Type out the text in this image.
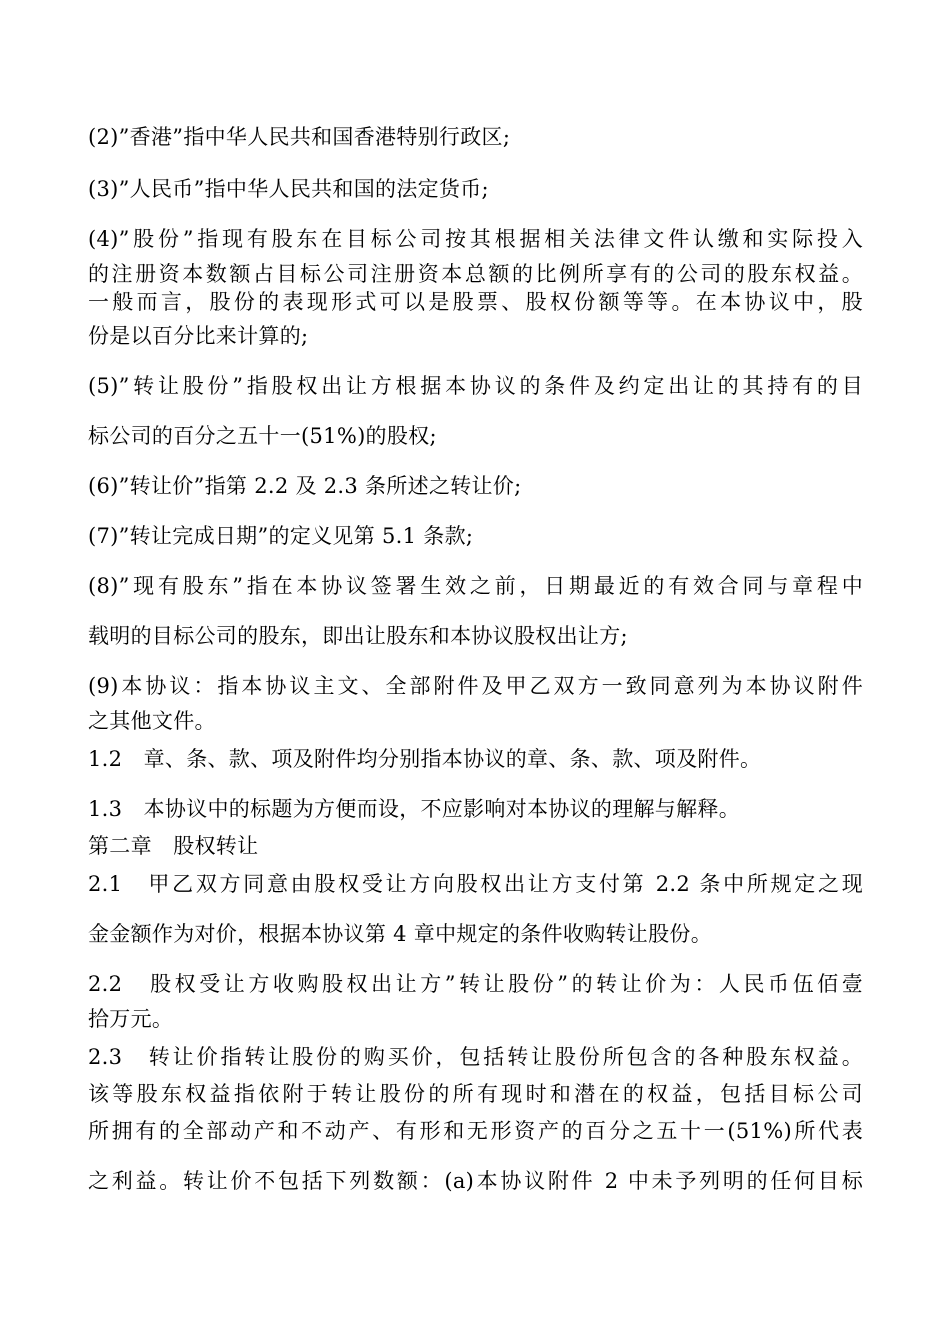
(2)”香港”指中华人民共和国香港特别行政区;
(3)”人民币”指中华人民共和国的法定货币;
(4)”股份”指现有股东在目标公司按其根据相关法律文件认缴和实际投入
的注册资本数额占目标公司注册资本总额的比例所享有的公司的股东权益。
一般而言，股份的表现形式可以是股票、股权份额等等。在本协议中，股
份是以百分比来计算的;
(5)”转让股份”指股权出让方根据本协议的条件及约定出让的其持有的目
标公司的百分之五十一(51%)的股权;
(6)”转让价”指第 2.2 及 2.3 条所述之转让价;
(7)”转让完成日期”的定义见第 5.1 条款;
(8)”现有股东”指在本协议签署生效之前，日期最近的有效合同与章程中
载明的目标公司的股东，即出让股东和本协议股权出让方;
(9)本协议：指本协议主文、全部附件及甲乙双方一致同意列为本协议附件
之其他文件。
1.2　章、条、款、项及附件均分别指本协议的章、条、款、项及附件。
1.3　本协议中的标题为方便而设，不应影响对本协议的理解与解释。
第二章　股权转让
2.1　甲乙双方同意由股权受让方向股权出让方支付第 2.2 条中所规定之现
金金额作为对价，根据本协议第 4 章中规定的条件收购转让股份。
2.2　股权受让方收购股权出让方”转让股份”的转让价为：人民币伍佰壹
拾万元。
2.3　转让价指转让股份的购买价，包括转让股份所包含的各种股东权益。
该等股东权益指依附于转让股份的所有现时和潜在的权益，包括目标公司
所拥有的全部动产和不动产、有形和无形资产的百分之五十一(51%)所代表
之利益。转让价不包括下列数额：(a)本协议附件 2 中未予列明的任何目标
